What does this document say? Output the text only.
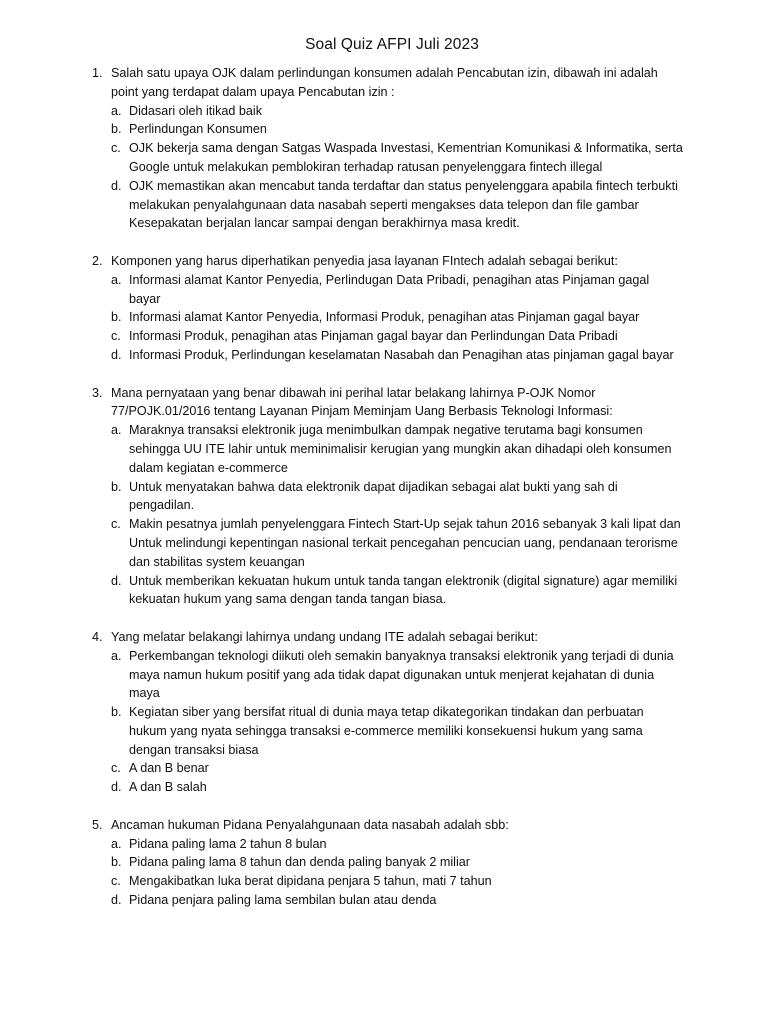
Soal Quiz AFPI Juli 2023
1. Salah satu upaya OJK dalam perlindungan konsumen adalah Pencabutan izin, dibawah ini adalah point yang terdapat dalam upaya Pencabutan izin :
a. Didasari oleh itikad baik
b. Perlindungan Konsumen
c. OJK bekerja sama dengan Satgas Waspada Investasi, Kementrian Komunikasi & Informatika, serta Google untuk melakukan pemblokiran terhadap ratusan penyelenggara fintech illegal
d. OJK memastikan akan mencabut tanda terdaftar dan status penyelenggara apabila fintech terbukti melakukan penyalahgunaan data nasabah seperti mengakses data telepon dan file gambar Kesepakatan berjalan lancar sampai dengan berakhirnya masa kredit.
2. Komponen yang harus diperhatikan penyedia jasa layanan FIntech adalah sebagai berikut:
a. Informasi alamat Kantor Penyedia, Perlindugan Data Pribadi, penagihan atas Pinjaman gagal bayar
b. Informasi alamat Kantor Penyedia, Informasi Produk, penagihan atas Pinjaman gagal bayar
c. Informasi Produk, penagihan atas Pinjaman gagal bayar dan Perlindungan Data Pribadi
d. Informasi Produk, Perlindungan keselamatan Nasabah dan Penagihan atas pinjaman gagal bayar
3. Mana pernyataan yang benar dibawah ini perihal latar belakang lahirnya P-OJK Nomor 77/POJK.01/2016 tentang Layanan Pinjam Meminjam Uang Berbasis Teknologi Informasi:
a. Maraknya transaksi elektronik juga menimbulkan dampak negative terutama bagi konsumen sehingga UU ITE lahir untuk meminimalisir kerugian yang mungkin akan dihadapi oleh konsumen dalam kegiatan e-commerce
b. Untuk menyatakan bahwa data elektronik dapat dijadikan sebagai alat bukti yang sah di pengadilan.
c. Makin pesatnya jumlah penyelenggara Fintech Start-Up sejak tahun 2016 sebanyak 3 kali lipat dan Untuk melindungi kepentingan nasional terkait pencegahan pencucian uang, pendanaan terorisme dan stabilitas system keuangan
d. Untuk memberikan kekuatan hukum untuk tanda tangan elektronik (digital signature) agar memiliki kekuatan hukum yang sama dengan tanda tangan biasa.
4. Yang melatar belakangi lahirnya undang undang ITE adalah sebagai berikut:
a. Perkembangan teknologi diikuti oleh semakin banyaknya transaksi elektronik yang terjadi di dunia maya namun hukum positif yang ada tidak dapat digunakan untuk menjerat kejahatan di dunia maya
b. Kegiatan siber yang bersifat ritual di dunia maya tetap dikategorikan tindakan dan perbuatan hukum yang nyata sehingga transaksi e-commerce memiliki konsekuensi hukum yang sama dengan transaksi biasa
c. A dan B benar
d. A dan B salah
5. Ancaman hukuman Pidana Penyalahgunaan data nasabah adalah sbb:
a. Pidana paling lama 2 tahun 8 bulan
b. Pidana paling lama 8 tahun dan denda paling banyak 2 miliar
c. Mengakibatkan luka berat dipidana penjara 5 tahun, mati 7 tahun
d. Pidana penjara paling lama sembilan bulan atau denda
